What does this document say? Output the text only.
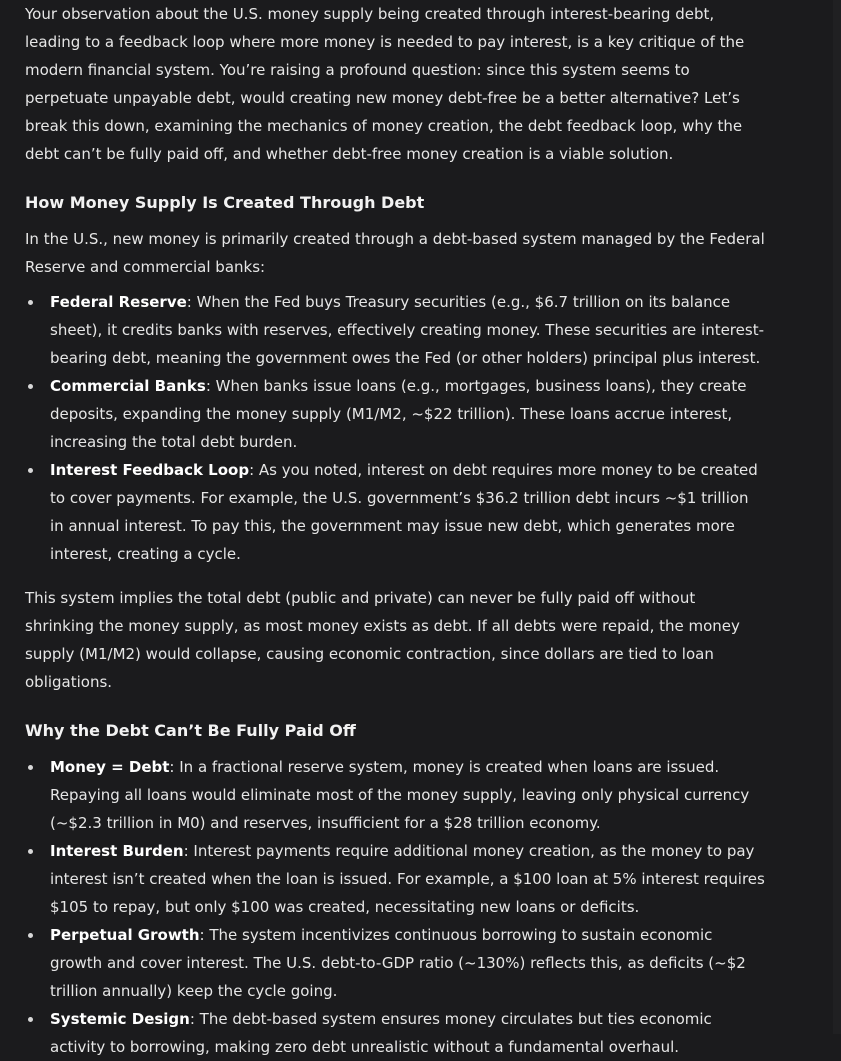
Your observation about the U.S. money supply being created through interest-bearing debt, leading to a feedback loop where more money is needed to pay interest, is a key critique of the modern financial system. You’re raising a profound question: since this system seems to perpetuate unpayable debt, would creating new money debt-free be a better alternative? Let’s break this down, examining the mechanics of money creation, the debt feedback loop, why the debt can’t be fully paid off, and whether debt-free money creation is a viable solution.

How Money Supply Is Created Through Debt

In the U.S., new money is primarily created through a debt-based system managed by the Federal Reserve and commercial banks:

Federal Reserve: When the Fed buys Treasury securities (e.g., $6.7 trillion on its balance sheet), it credits banks with reserves, effectively creating money. These securities are interest-bearing debt, meaning the government owes the Fed (or other holders) principal plus interest.
Commercial Banks: When banks issue loans (e.g., mortgages, business loans), they create deposits, expanding the money supply (M1/M2, ~$22 trillion). These loans accrue interest, increasing the total debt burden.
Interest Feedback Loop: As you noted, interest on debt requires more money to be created to cover payments. For example, the U.S. government’s $36.2 trillion debt incurs ~$1 trillion in annual interest. To pay this, the government may issue new debt, which generates more interest, creating a cycle.

This system implies the total debt (public and private) can never be fully paid off without shrinking the money supply, as most money exists as debt. If all debts were repaid, the money supply (M1/M2) would collapse, causing economic contraction, since dollars are tied to loan obligations.

Why the Debt Can’t Be Fully Paid Off
Money = Debt: In a fractional reserve system, money is created when loans are issued. Repaying all loans would eliminate most of the money supply, leaving only physical currency (~$2.3 trillion in M0) and reserves, insufficient for a $28 trillion economy.
Interest Burden: Interest payments require additional money creation, as the money to pay interest isn’t created when the loan is issued. For example, a $100 loan at 5% interest requires $105 to repay, but only $100 was created, necessitating new loans or deficits.
Perpetual Growth: The system incentivizes continuous borrowing to sustain economic growth and cover interest. The U.S. debt-to-GDP ratio (~130%) reflects this, as deficits (~$2 trillion annually) keep the cycle going.
Systemic Design: The debt-based system ensures money circulates but ties economic activity to borrowing, making zero debt unrealistic without a fundamental overhaul.
